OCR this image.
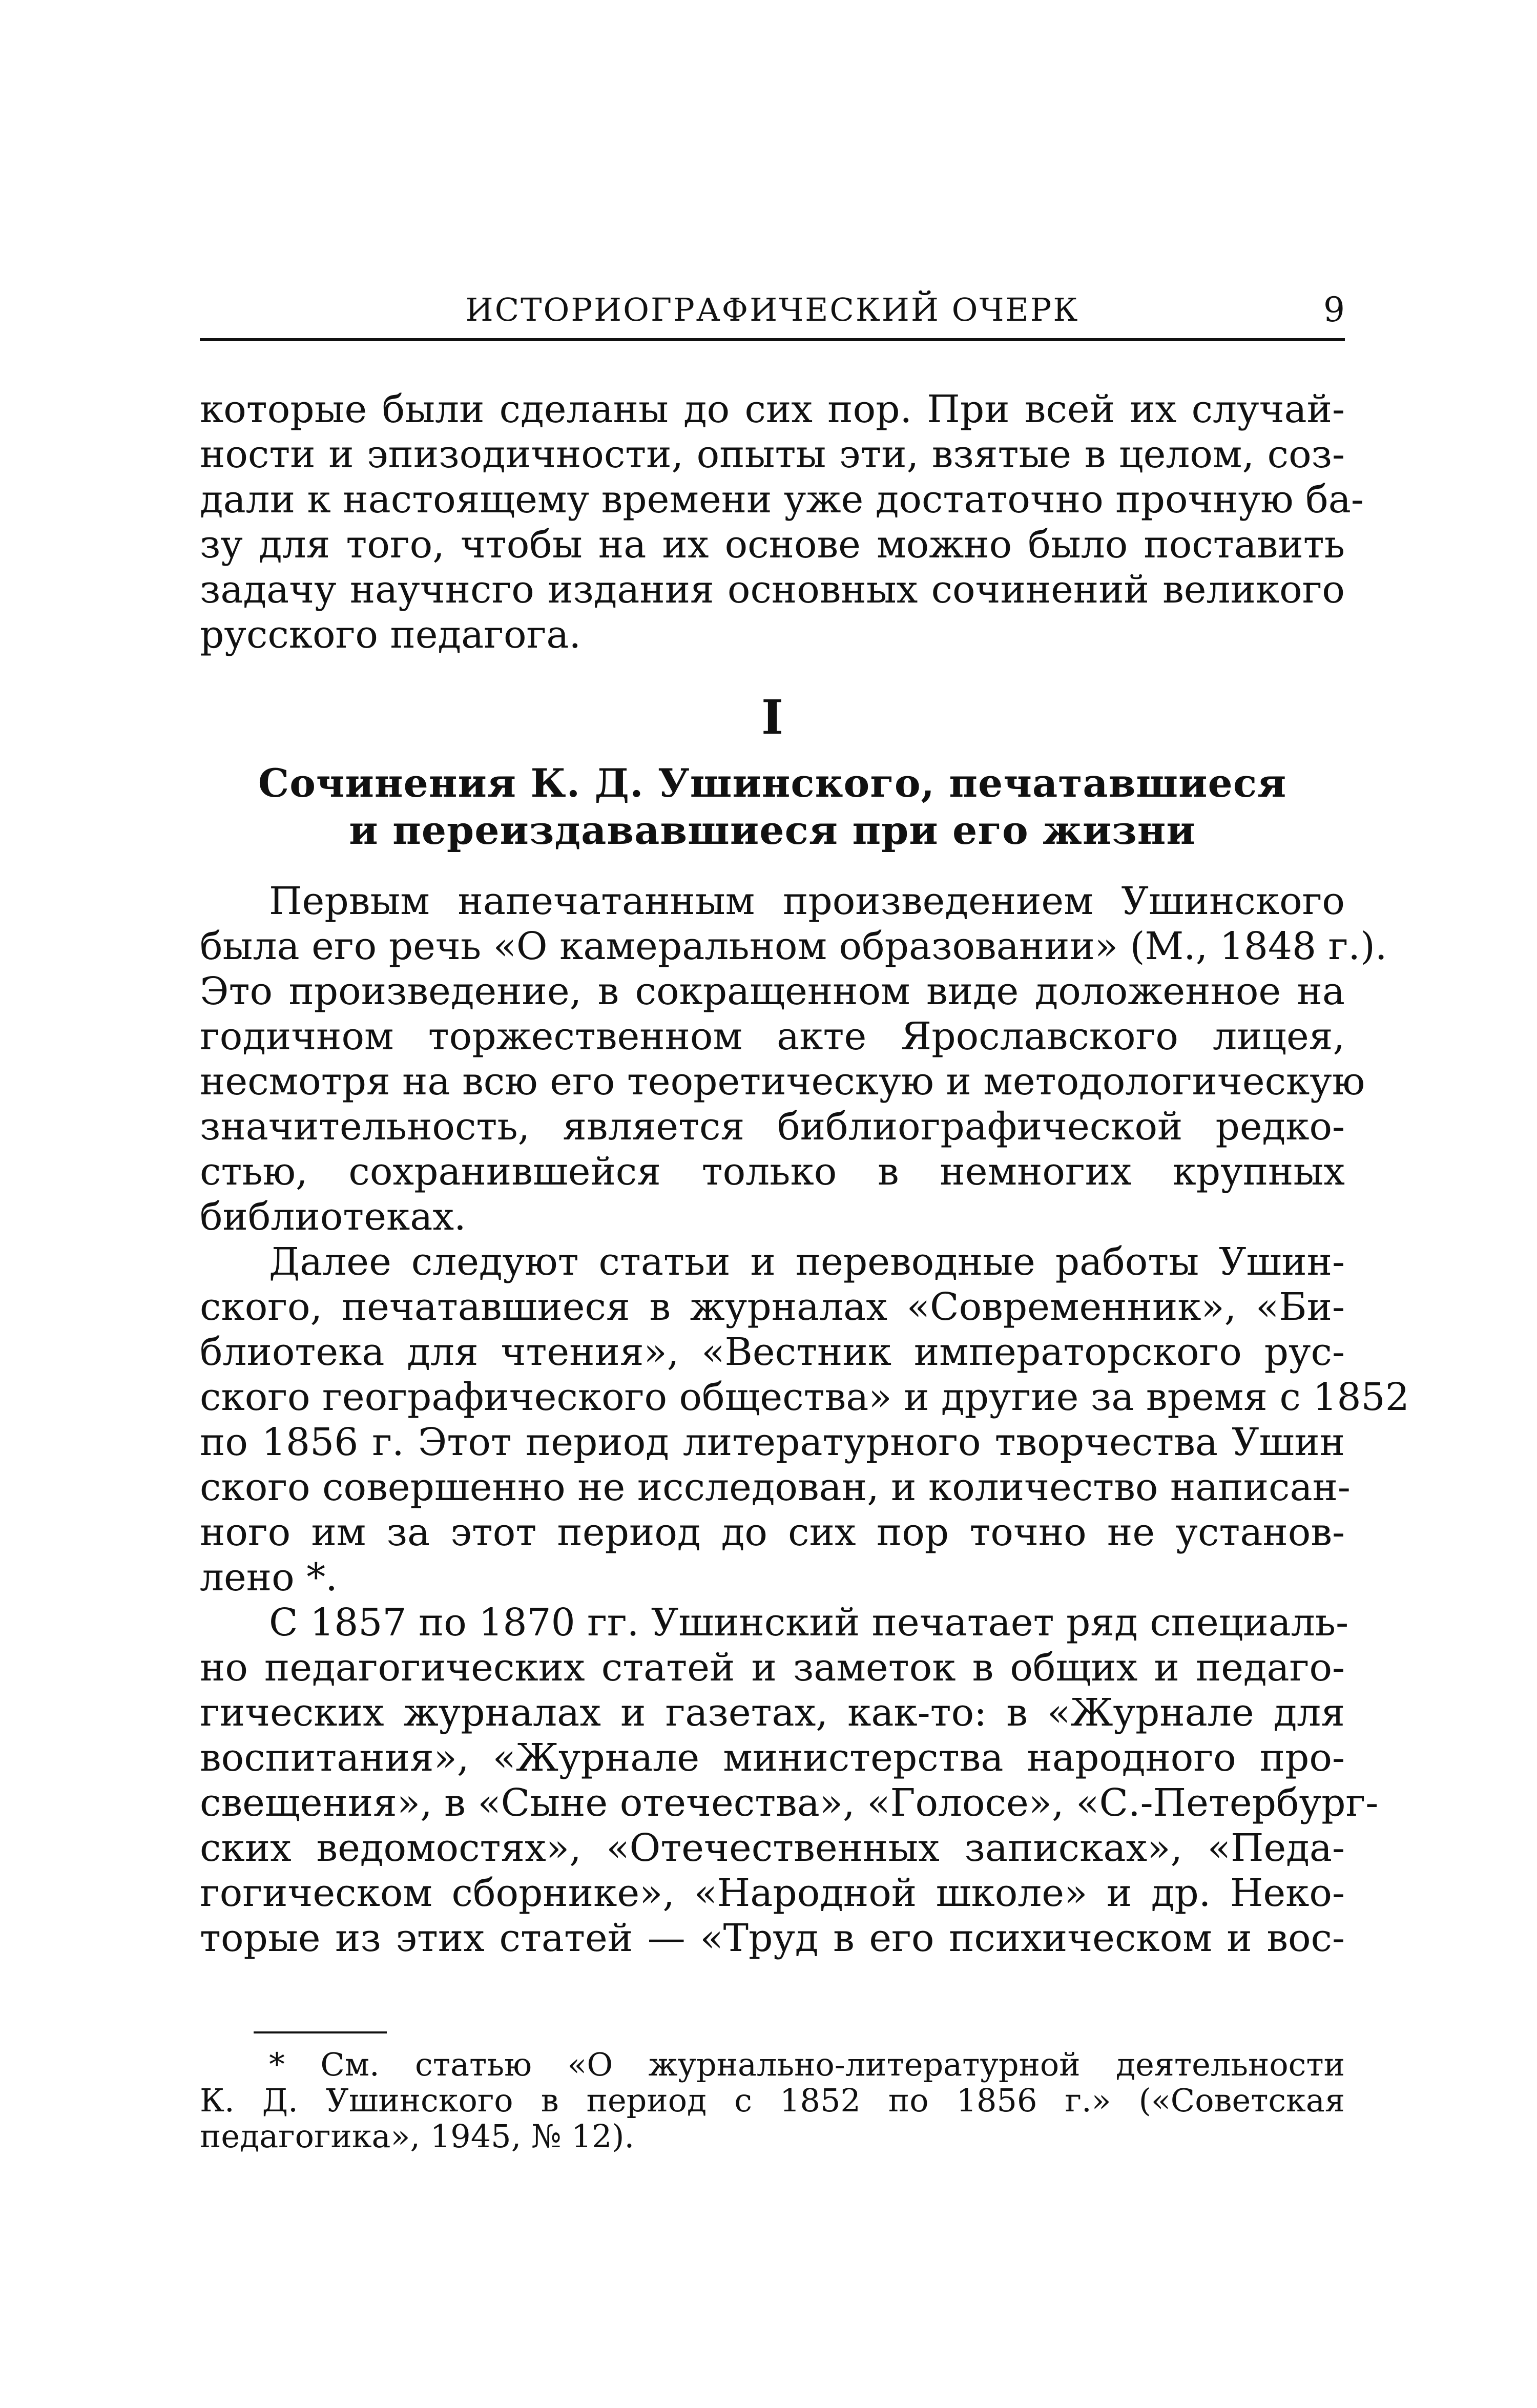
ИСТОРИОГРАФИЧЕСКИЙ ОЧЕРК	9
которые были сделаны до сих пор. При всей их случай-
ности и эпизодичности, опыты эти, взятые в целом, соз-
дали к настоящему времени уже достаточно прочную ба-
зу для того, чтобы на их основе можно было поставить
задачу научнсго издания основных сочинений великого
русского педагога.
I
Сочинения К. Д. Ушинского, печатавшиеся
и переиздававшиеся при его жизни
Первым напечатанным произведением Ушинского
была его речь «О камеральном образовании» (М., 1848 г.).
Это произведение, в сокращенном виде доложенное на
годичном торжественном акте Ярославского лицея,
несмотря на всю его теоретическую и методологическую
значительность, является библиографической редко-
стью, сохранившейся только в немногих крупных
библиотеках.
Далее следуют статьи и переводные работы Ушин-
ского, печатавшиеся в журналах «Современник», «Би-
блиотека для чтения», «Вестник императорского рус-
ского географического общества» и другие за время с 1852
по 1856 г. Этот период литературного творчества Ушин
ского совершенно не исследован, и количество написан-
ного им за этот период до сих пор точно не установ-
лено *.
С 1857 по 1870 гг. Ушинский печатает ряд специаль-
но педагогических статей и заметок в общих и педаго-
гических журналах и газетах, как-то: в «Журнале для
воспитания», «Журнале министерства народного про-
свещения», в «Сыне отечества», «Голосе», «С.-Петербург-
ских ведомостях», «Отечественных записках», «Педа-
гогическом сборнике», «Народной школе» и др. Неко-
торые из этих статей — «Труд в его психическом и вос-
* См. статью «О журнально-литературной деятельности
К. Д. Ушинского в период с 1852 по 1856 г.» («Советская
педагогика», 1945, № 12).
